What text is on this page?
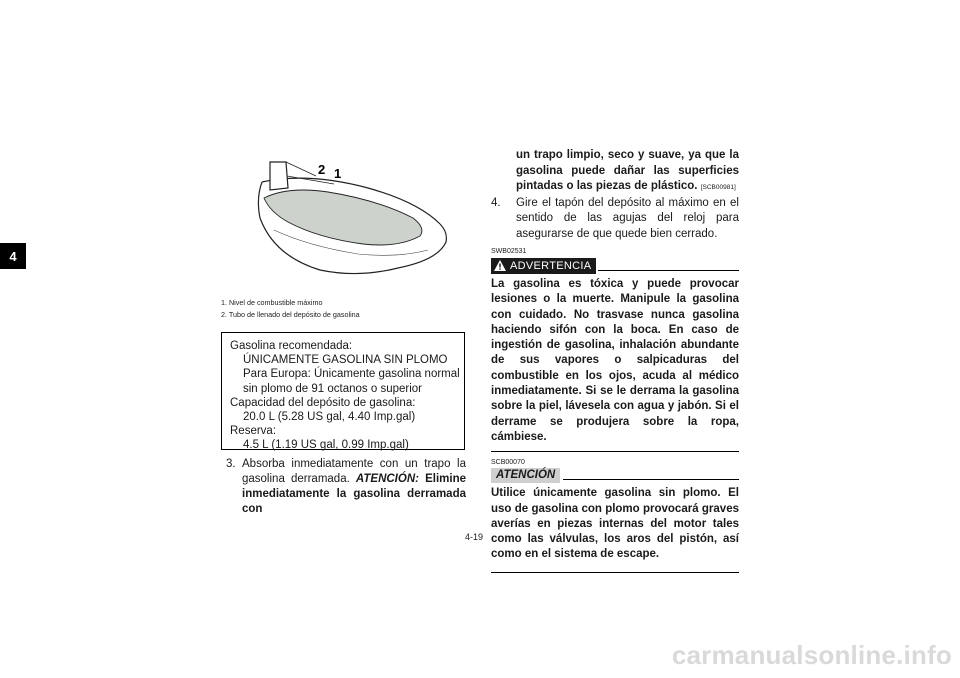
4
2 1
1. Nivel de combustible máximo
2. Tubo de llenado del depósito de gasolina
Gasolina recomendada:
ÚNICAMENTE GASOLINA SIN PLOMO
Para Europa: Únicamente gasolina normal
sin plomo de 91 octanos o superior
Capacidad del depósito de gasolina:
20.0 L (5.28 US gal, 4.40 Imp.gal)
Reserva:
4.5 L (1.19 US gal, 0.99 Imp.gal)
3. Absorba inmediatamente con un trapo la gasolina derramada. ATENCIÓN: Elimine inmediatamente la gasolina derramada con
un trapo limpio, seco y suave, ya que la gasolina puede dañar las superficies pintadas o las piezas de plástico. [SCB00981]
4.	Gire el tapón del depósito al máximo en el sentido de las agujas del reloj para asegurarse de que quede bien cerrado.
SWB02531
ADVERTENCIA
La gasolina es tóxica y puede provocar lesiones o la muerte. Manipule la gasolina con cuidado. No trasvase nunca gasolina haciendo sifón con la boca. En caso de ingestión de gasolina, inhalación abundante de sus vapores o salpicaduras del combustible en los ojos, acuda al médico inmediatamente. Si se le derrama la gasolina sobre la piel, lávesela con agua y jabón. Si el derrame se produjera sobre la ropa, cámbiese.
SCB00070
ATENCIÓN
Utilice únicamente gasolina sin plomo. El uso de gasolina con plomo provocará graves averías en piezas internas del motor tales como las válvulas, los aros del pistón, así como en el sistema de escape.
4-19
carmanualsonline.info
